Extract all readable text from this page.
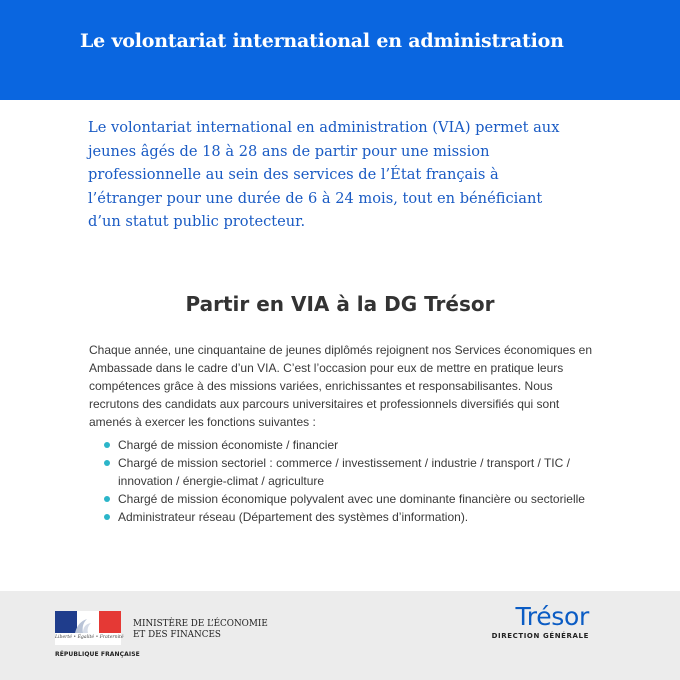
Le volontariat international en administration

Le volontariat international en administration (VIA) permet aux jeunes âgés de 18 à 28 ans de partir pour une mission professionnelle au sein des services de l’État français à l’étranger pour une durée de 6 à 24 mois, tout en bénéficiant d’un statut public protecteur.

Partir en VIA à la DG Trésor

Chaque année, une cinquantaine de jeunes diplômés rejoignent nos Services économiques en Ambassade dans le cadre d’un VIA. C’est l’occasion pour eux de mettre en pratique leurs compétences grâce à des missions variées, enrichissantes et responsabilisantes. Nous recrutons des candidats aux parcours universitaires et professionnels diversifiés qui sont amenés à exercer les fonctions suivantes :

Chargé de mission économiste / financier
Chargé de mission sectoriel : commerce / investissement / industrie / transport / TIC / innovation / énergie-climat / agriculture
Chargé de mission économique polyvalent avec une dominante financière ou sectorielle
Administrateur réseau (Département des systèmes d’information).
Liberté • Égalité • Fraternité
RÉPUBLIQUE FRANÇAISE
MINISTÈRE DE L’ÉCONOMIE
ET DES FINANCES
Trésor
DIRECTION GÉNÉRALE
